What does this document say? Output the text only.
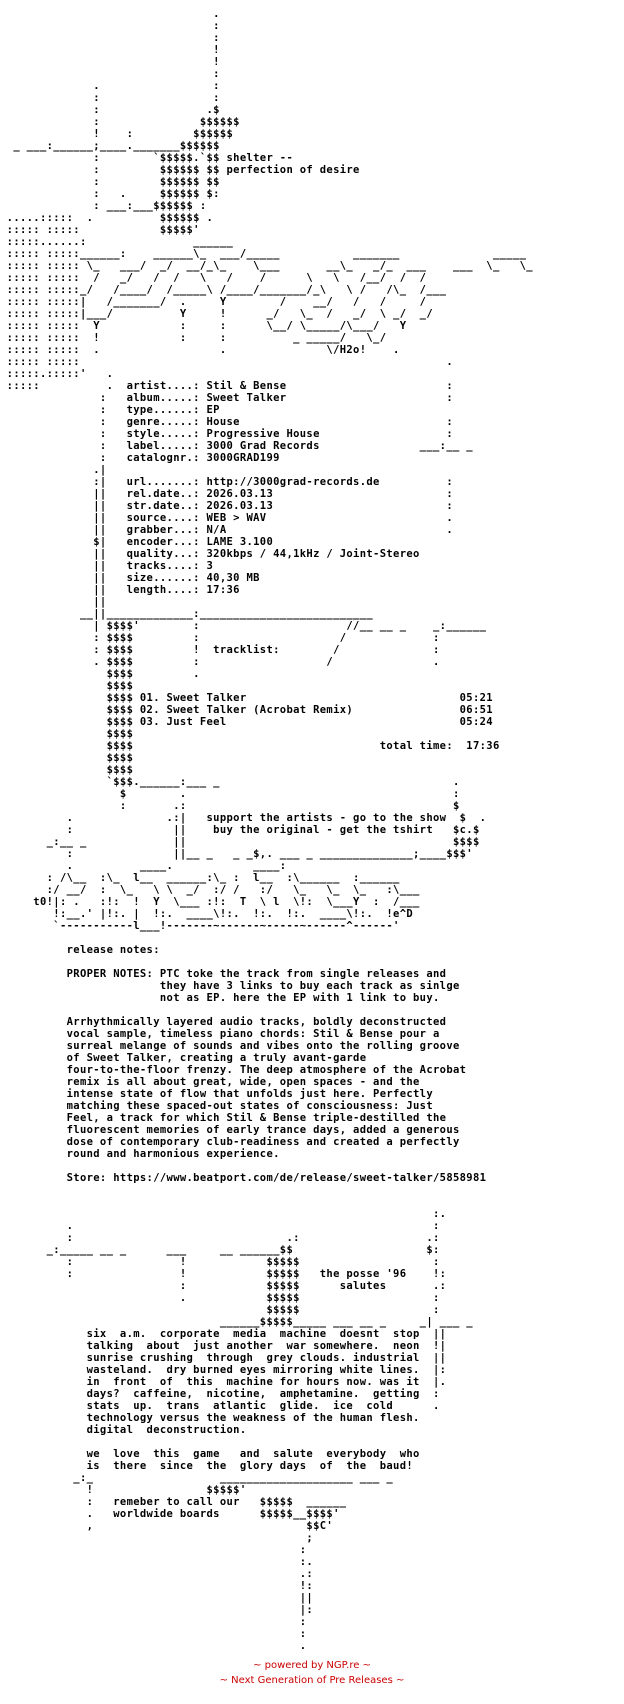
.
:
:
!
!
:
.                 :
:                 :
:                .$
:               $$$$$$
!    :         $$$$$$
_ ___:______;____._______$$$$$$
:        `$$$$$.`$$ shelter --
:         $$$$$$ $$ perfection of desire
:         $$$$$$ $$
:   .     $$$$$$ $:
: ___:___$$$$$$ :
.....:::::  .          $$$$$$ .
::::: :::::            $$$$$'
:::::......:                ______
::::: :::::______:    ______\_  ___/_____           _______              _____
::::: ::::: \_   ___/  _/  __/_\_    \___       __\_   _/_  ___    ___  \_   \_
::::: :::::  /   _/   /  /   \   /    /      \   \   /__/  /  /
::::: :::::_/   /____/  /_____\ /____/_______/_\   \ /   /\_  /___
::::: :::::|   /_______/  .     Y        /    __/   /   /     /
::::: :::::|___/          Y     !      _/   \_  /   _/  \ _/  _/
::::: :::::  Y            :     :      \__/ \_____/\___/   Y
::::: :::::  !            :     :          _ _____/   \_/
::::: :::::  .                  .               \/H2o!    .
::::: :::::                                                       .
:::::.:::::'   .
:::::          .  artist....: Stil & Bense                        :
:   album.....: Sweet Talker                        :
:   type......: EP
:   genre.....: House                               :
:   style.....: Progressive House                   :
:   label.....: 3000 Grad Records               ___:__ _
:   catalognr.: 3000GRAD199
.|
:|   url.......: http://3000grad-records.de          :
||   rel.date..: 2026.03.13                          :
||   str.date..: 2026.03.13                          :
||   source....: WEB > WAV                           .
||   grabber...: N/A                                 .
$|   encoder...: LAME 3.100
||   quality...: 320kbps / 44,1kHz / Joint-Stereo
||   tracks....: 3
||   size......: 40,30 MB
||   length....: 17:36
||
__||_____________:__________________________
| $$$$'        :                      //__ __ _    _:______
: $$$$         :                     /             :
: $$$$         !  tracklist:        /              :
. $$$$         :                   /               .
$$$$         .
$$$$
$$$$ 01. Sweet Talker                                05:21
$$$$ 02. Sweet Talker (Acrobat Remix)                06:51
$$$$ 03. Just Feel                                   05:24
$$$$
$$$$                                     total time:  17:36
$$$$
$$$$
`$$$.______:___ _                                   .
$        .                                        :
:       .:                                        $
.              .:|   support the artists - go to the show  $  .
:               ||    buy the original - get the tshirt   $c.$
_:__ _             ||                                        $$$$
:               ||__ _   _ _$,. ___ _ ______________;____$$$'
.          ____.            ____:
: /\__  :\_  l__  ______:\_ :  l__  :\______  :______
:/ __/  :  \_   \ \  _/  :/ /   :/   \_   \_  \_   :\___
t0!|: .   :!:  !  Y  \___ :!:  T  \ l  \!:  \___Y  :  /___
!:__.' |!:. |  !:.  ____\!:.  !:.  !:.  ____\!:.  !e^D
`-----------l___!-------~------~-----~------^------'

release notes:

PROPER NOTES: PTC toke the track from single releases and
they have 3 links to buy each track as sinlge
not as EP. here the EP with 1 link to buy.

Arrhythmically layered audio tracks, boldly deconstructed
vocal sample, timeless piano chords: Stil & Bense pour a
surreal melange of sounds and vibes onto the rolling groove
of Sweet Talker, creating a truly avant-garde
four-to-the-floor frenzy. The deep atmosphere of the Acrobat
remix is all about great, wide, open spaces - and the
intense state of flow that unfolds just here. Perfectly
matching these spaced-out states of consciousness: Just
Feel, a track for which Stil & Bense triple-destilled the
fluorescent memories of early trance days, added a generous
dose of contemporary club-readiness and created a perfectly
round and harmonious experience.

Store: https://www.beatport.com/de/release/sweet-talker/5858981

:.
.                                                      :
:                                .:                   .:
_:_____ __ _      ___     __ ______$$                    $:
:                !            $$$$$                    :
:                !            $$$$$   the posse '96    !:
:            $$$$$      salutes       .:
.            $$$$$                    :
$$$$$                    :
______$$$$$_____ ___ __ _     _| ___ _
six  a.m.  corporate  media  machine  doesnt  stop  ||
talking  about  just another  war somewhere.  neon  !|
sunrise crushing  through  grey clouds. industrial  ||
wasteland.  dry burned eyes mirroring white lines.  |:
in  front  of  this  machine for hours now. was it  |.
days?  caffeine,  nicotine,  amphetamine.  getting  :
stats  up.  trans  atlantic  glide.  ice  cold      .
technology versus the weakness of the human flesh.
digital  deconstruction.

we  love  this  game   and  salute  everybody  who
is  there  since  the  glory days  of  the  baud!
_:_                   ____________________ ___ _
!                 $$$$$'
:   remeber to call our   $$$$$  ______
.   worldwide boards      $$$$$__$$$$'
,                                $$C'
;
:
:.
.:
!:
||
|:
:
:
.

~ powered by NGP.re ~
~ Next Generation of Pre Releases ~
